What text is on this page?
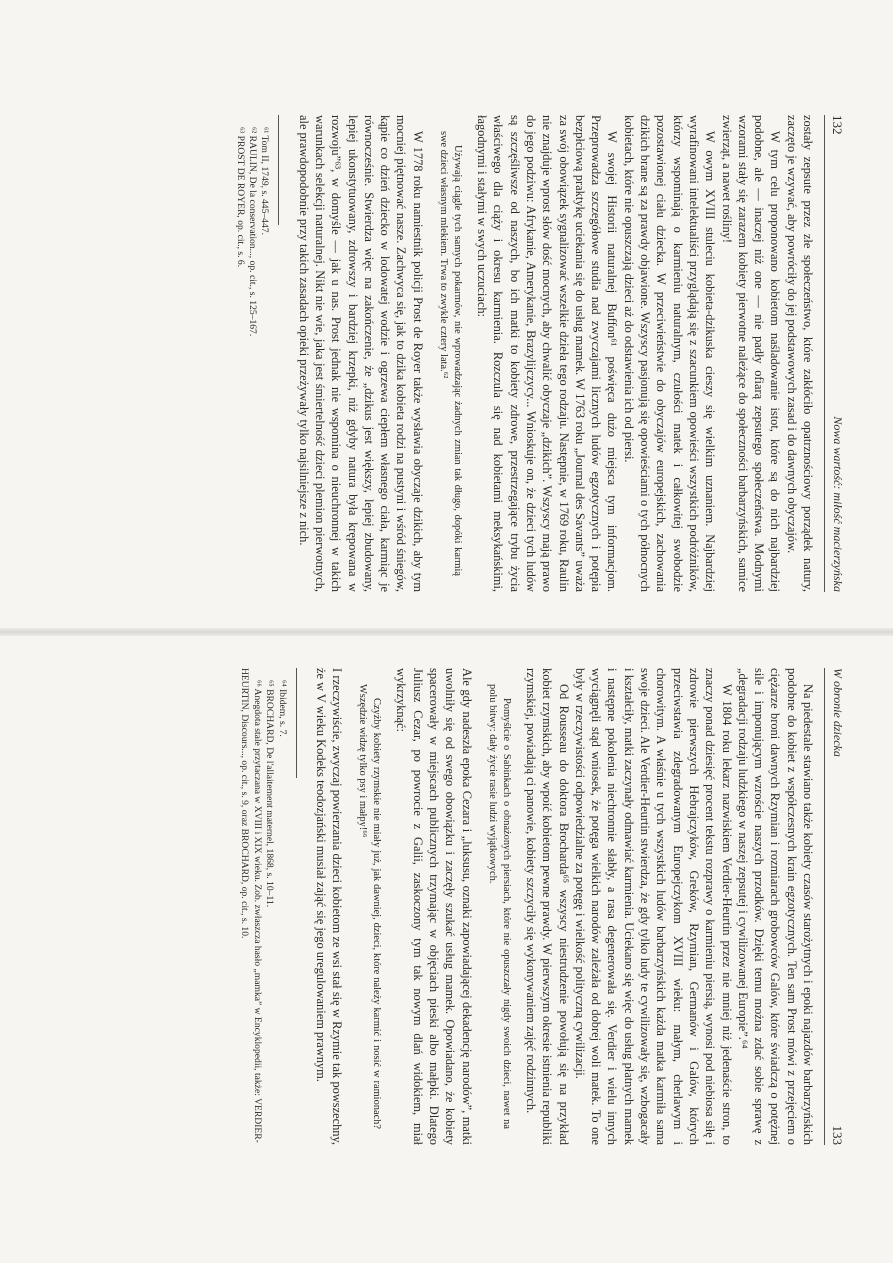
132
Nowa wartość: miłość macierzyńska

zostały zepsute przez złe społeczeństwo, które zakłóciło opatrznościowy porządek natury, zaczęto je wzywać, aby powróciły do jej podstawowych zasad i do dawnych obyczajów.

W tym celu proponowano kobietom naśladowanie istot, które są do nich najbardziej podobne, ale — inaczej niż one — nie padły ofiarą zepsutego społeczeństwa. Modnymi wzorami stały się zarazem kobiety pierwotne należące do społeczności barbarzyńskich, samice zwierząt, a nawet rośliny!

W owym XVIII stuleciu kobieta-dzikuska cieszy się wielkim uznaniem. Najbardziej wyrafinowani intelektualiści przyglądają się z szacunkiem opowieści wszystkich podróżników, którzy wspominają o karmieniu naturalnym, czułości matek i całkowitej swobodzie pozostawionej ciału dziecka. W przeciwieństwie do obyczajów europejskich, zachowania dzikich brane są za prawdy objawione. Wszyscy pasjonują się opowieściami o tych północnych kobietach, które nie opuszczają dzieci aż do odstawienia ich od piersi.

W swojej Historii naturalnej Buffon⁶¹ poświęca dużo miejsca tym informacjom. Przeprowadza szczegółowe studia nad zwyczajami licznych ludów egzotycznych i potępia bezpłciową praktykę uciekania się do usług mamek. W 1763 roku „Journal des Savants” uważa za swój obowiązek sygnalizować wszelkie dzieła tego rodzaju. Następnie, w 1769 roku, Raulin nie znajduje wprost słów dość mocnych, aby chwalić obyczaje „dzikich”. Wszyscy mają prawo do jego podziwu: Afrykanie, Amerykanie, Brazylijczycy... Wnioskuje on, że dzieci tych ludów są szczęśliwsze od naszych, bo ich matki to kobiety zdrowe, przestrzegające trybu życia właściwego dla ciąży i okresu karmienia. Rozczula się nad kobietami meksykańskimi, łagodnymi i stałymi w swych uczuciach:

Używają ciągle tych samych pokarmów, nie wprowadzając żadnych zmian tak długo, dopóki karmią swe dzieci własnym mlekiem. Trwa to zwykle cztery lata.⁶²

W 1778 roku namiestnik policji Prost de Royer także wysławia obyczaje dzikich, aby tym mocniej piętnować nasze. Zachwyca się, jak to dzika kobieta rodzi na pustyni i wśród śniegów, kąpie co dzień dziecko w lodowatej wodzie i ogrzewa ciepłem własnego ciała, karmiąc je równocześnie. Stwierdza więc na zakończenie, że „dzikus jest większy, lepiej zbudowany, lepiej ukonstytuowany, zdrowszy i bardziej krzepki, niż gdyby natura była krępowana w rozwoju”⁶³, w domyśle — jak u nas. Prost jednak nie wspomina o nieuchronnej w takich warunkach selekcji naturalnej. Nikt nie wie, jaka jest śmiertelność dzieci plemion pierwotnych, ale prawdopodobnie przy takich zasadach opieki przeżywały tylko najsilniejsze z nich.

⁶¹ Tom II, 1749, s. 445–447.
⁶² RAULIN, De la conservation..., op. cit., s. 125–167.
⁶³ PROST DE ROYER, op. cit., s. 6.
W obronie dziecka
133

Na piedestale stawiano także kobiety czasów starożytnych i epoki najazdów barbarzyńskich podobne do kobiet z współczesnych krain egzotycznych. Ten sam Prost mówi z przejęciem o ciężarze broni dawnych Rzymian i rozmiarach grobowców Galów, które świadczą o potężnej sile i imponującym wzroście naszych przodków. Dzięki temu można zdać sobie sprawę z „degradacji rodzaju ludzkiego w naszej zepsutej i cywilizowanej Europie”.⁶⁴

W 1804 roku lekarz nazwiskiem Verdier-Heurtin przez nie mniej niż jedenaście stron, to znaczy ponad dziesięć procent tekstu rozprawy o karmieniu piersią, wynosi pod niebiosa siłę i zdrowie pierwszych Hebrajczyków, Greków, Rzymian, Germanów i Galów, których przeciwstawia zdegradowanym Europejczykom XVIII wieku: małym, cherlawym i chorowitym. A właśnie u tych wszystkich ludów barbarzyńskich każda matka karmiła sama swoje dzieci. Ale Verdier-Heurtin stwierdza, że gdy tylko ludy te cywilizowały się, wzbogacały i kształciły, matki zaczynały odmawiać karmienia. Uciekano się więc do usług płatnych mamek i następne pokolenia niechronnie słabły, a rasa degenerowała się. Verdier i wielu innych wyciągnęli stąd wniosek, że potęga wielkich narodów zależała od dobrej woli matek. To one były w rzeczywistości odpowiedzialne za potęgę i wielkość polityczną cywilizacji.

Od Rousseau do doktora Brocharda⁶⁵ wszyscy niestrudzenie powołują się na przykład kobiet rzymskich, aby wpoić kobietom pewne prawdy. W pierwszym okresie istnienia republiki rzymskiej, powiadają ci panowie, kobiety szczyciły się wykonywaniem zajęć rodzinnych.

Pomyślcie o Sabinkach o obnażonych piersiach, które nie opuszczały nigdy swoich dzieci, nawet na polu bitwy: dały życie rasie ludzi wyjątkowych.

Ale gdy nadeszła epoka Cezara i „luksusu, oznaki zapowiadającej dekadencję narodów”, matki uwolniły się od swego obowiązku i zaczęły szukać usług mamek. Opowiadano, że kobiety spacerowały w miejscach publicznych trzymając w objęciach pieski albo małpki. Dlatego Juliusz Cezar, po powrocie z Galii, zaskoczony tym tak nowym dlań widokiem, miał wykrzyknąć:

Czyżby kobiety rzymskie nie miały już, jak dawniej, dzieci, które należy karmić i nosić w ramionach? Wszędzie widzę tylko psy i małpy!⁶⁶

I rzeczywiście, zwyczaj powierzania dzieci kobietom ze wsi stał się w Rzymie tak powszechny, że w V wieku Kodeks teodozjański musiał zająć się jego uregulowaniem prawnym.

⁶⁴ Ibidem, s. 7.
⁶⁵ BROCHARD, De l'allaitement maternel, 1868, s. 10–11.
⁶⁶ Anegdota stale przytaczana w XVIII i XIX wieku. Zob. zwłaszcza hasło „mamka” w Encyklopedii, także: VERDIER-HEURTIN, Discours..., op. cit., s. 9, oraz BROCHARD, op. cit., s. 10.
